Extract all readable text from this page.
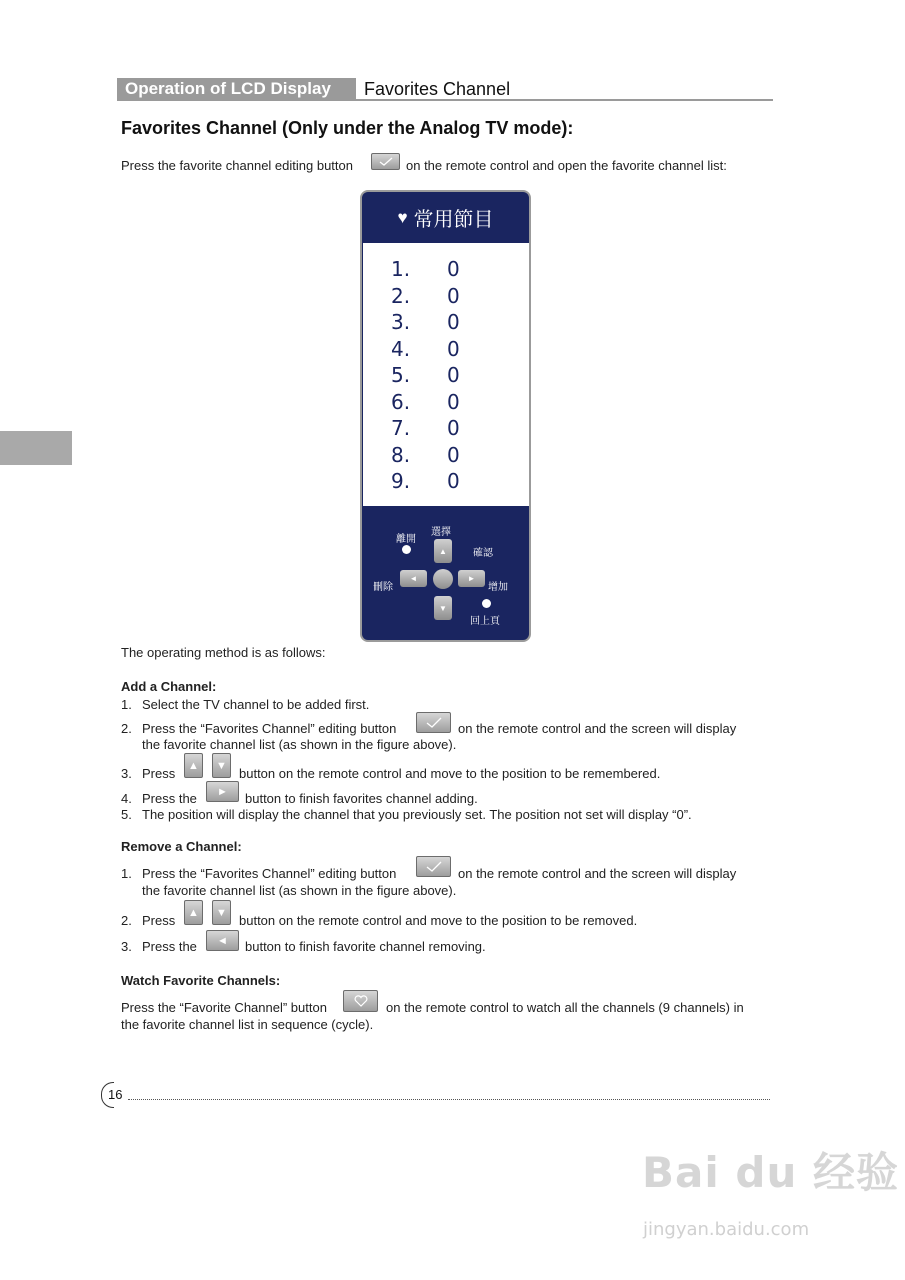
Operation of LCD Display	Favorites Channel
Favorites Channel (Only under the Analog TV mode):
Press the favorite channel editing button	on the remote control and open the favorite channel list:
♥ 常用節目
1. 0
2. 0
3. 0
4. 0
5. 0
6. 0
7. 0
8. 0
9. 0
離開
選擇
▲	確認
刪除
◄	►
增加
▼
回上頁
The operating method is as follows:
Add a Channel:
1. Select the TV channel to be added first.
2. Press the “Favorites Channel” editing button	on the remote control and the screen will display
the favorite channel list (as shown in the figure above).
3. Press
▲	▼
button on the remote control and move to the position to be remembered.
4. Press the	►	button to finish favorites channel adding.
5. The position will display the channel that you previously set. The position not set will display “0”.
Remove a Channel:
1. Press the “Favorites Channel” editing button	on the remote control and the screen will display
the favorite channel list (as shown in the figure above).
2. Press
▲	▼
button on the remote control and move to the position to be removed.
3. Press the	◄	button to finish favorite channel removing.
Watch Favorite Channels:
Press the “Favorite Channel” button	on the remote control to watch all the channels (9 channels) in
the favorite channel list in sequence (cycle).
16
Bai du 经验
jingyan.baidu.com
